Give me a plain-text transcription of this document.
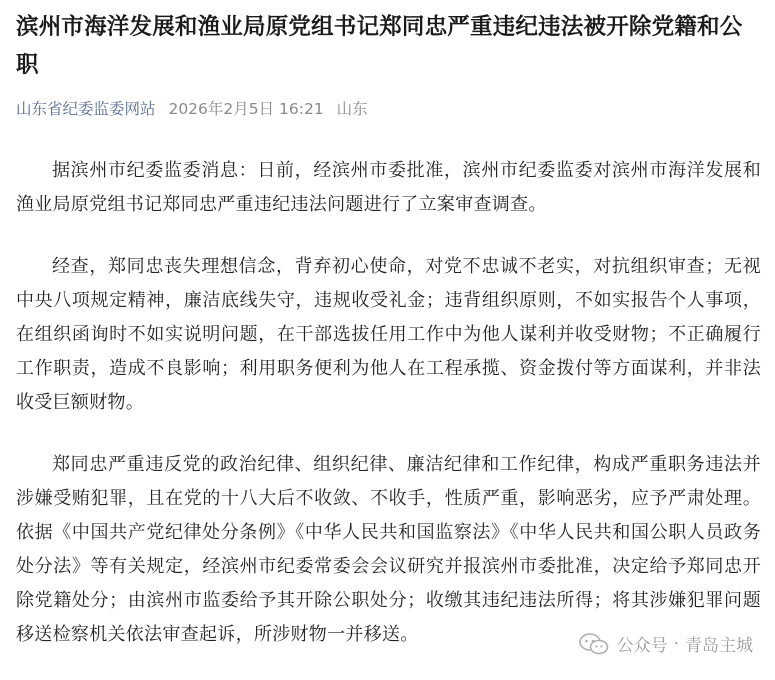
滨州市海洋发展和渔业局原党组书记郑同忠严重违纪违法被开除党籍和公职
山东省纪委监委网站 2026年2月5日 16:21 山东

据滨州市纪委监委消息：日前，经滨州市委批准，滨州市纪委监委对滨州市海洋发展和渔业局原党组书记郑同忠严重违纪违法问题进行了立案审查调查。

经查，郑同忠丧失理想信念，背弃初心使命，对党不忠诚不老实，对抗组织审查；无视中央八项规定精神，廉洁底线失守，违规收受礼金；违背组织原则，不如实报告个人事项，在组织函询时不如实说明问题，在干部选拔任用工作中为他人谋利并收受财物；不正确履行工作职责，造成不良影响；利用职务便利为他人在工程承揽、资金拨付等方面谋利，并非法收受巨额财物。

郑同忠严重违反党的政治纪律、组织纪律、廉洁纪律和工作纪律，构成严重职务违法并涉嫌受贿犯罪，且在党的十八大后不收敛、不收手，性质严重，影响恶劣，应予严肃处理。依据《中国共产党纪律处分条例》《中华人民共和国监察法》《中华人民共和国公职人员政务处分法》等有关规定，经滨州市纪委常委会会议研究并报滨州市委批准，决定给予郑同忠开除党籍处分；由滨州市监委给予其开除公职处分；收缴其违纪违法所得；将其涉嫌犯罪问题移送检察机关依法审查起诉，所涉财物一并移送。

公众号 · 青岛主城
